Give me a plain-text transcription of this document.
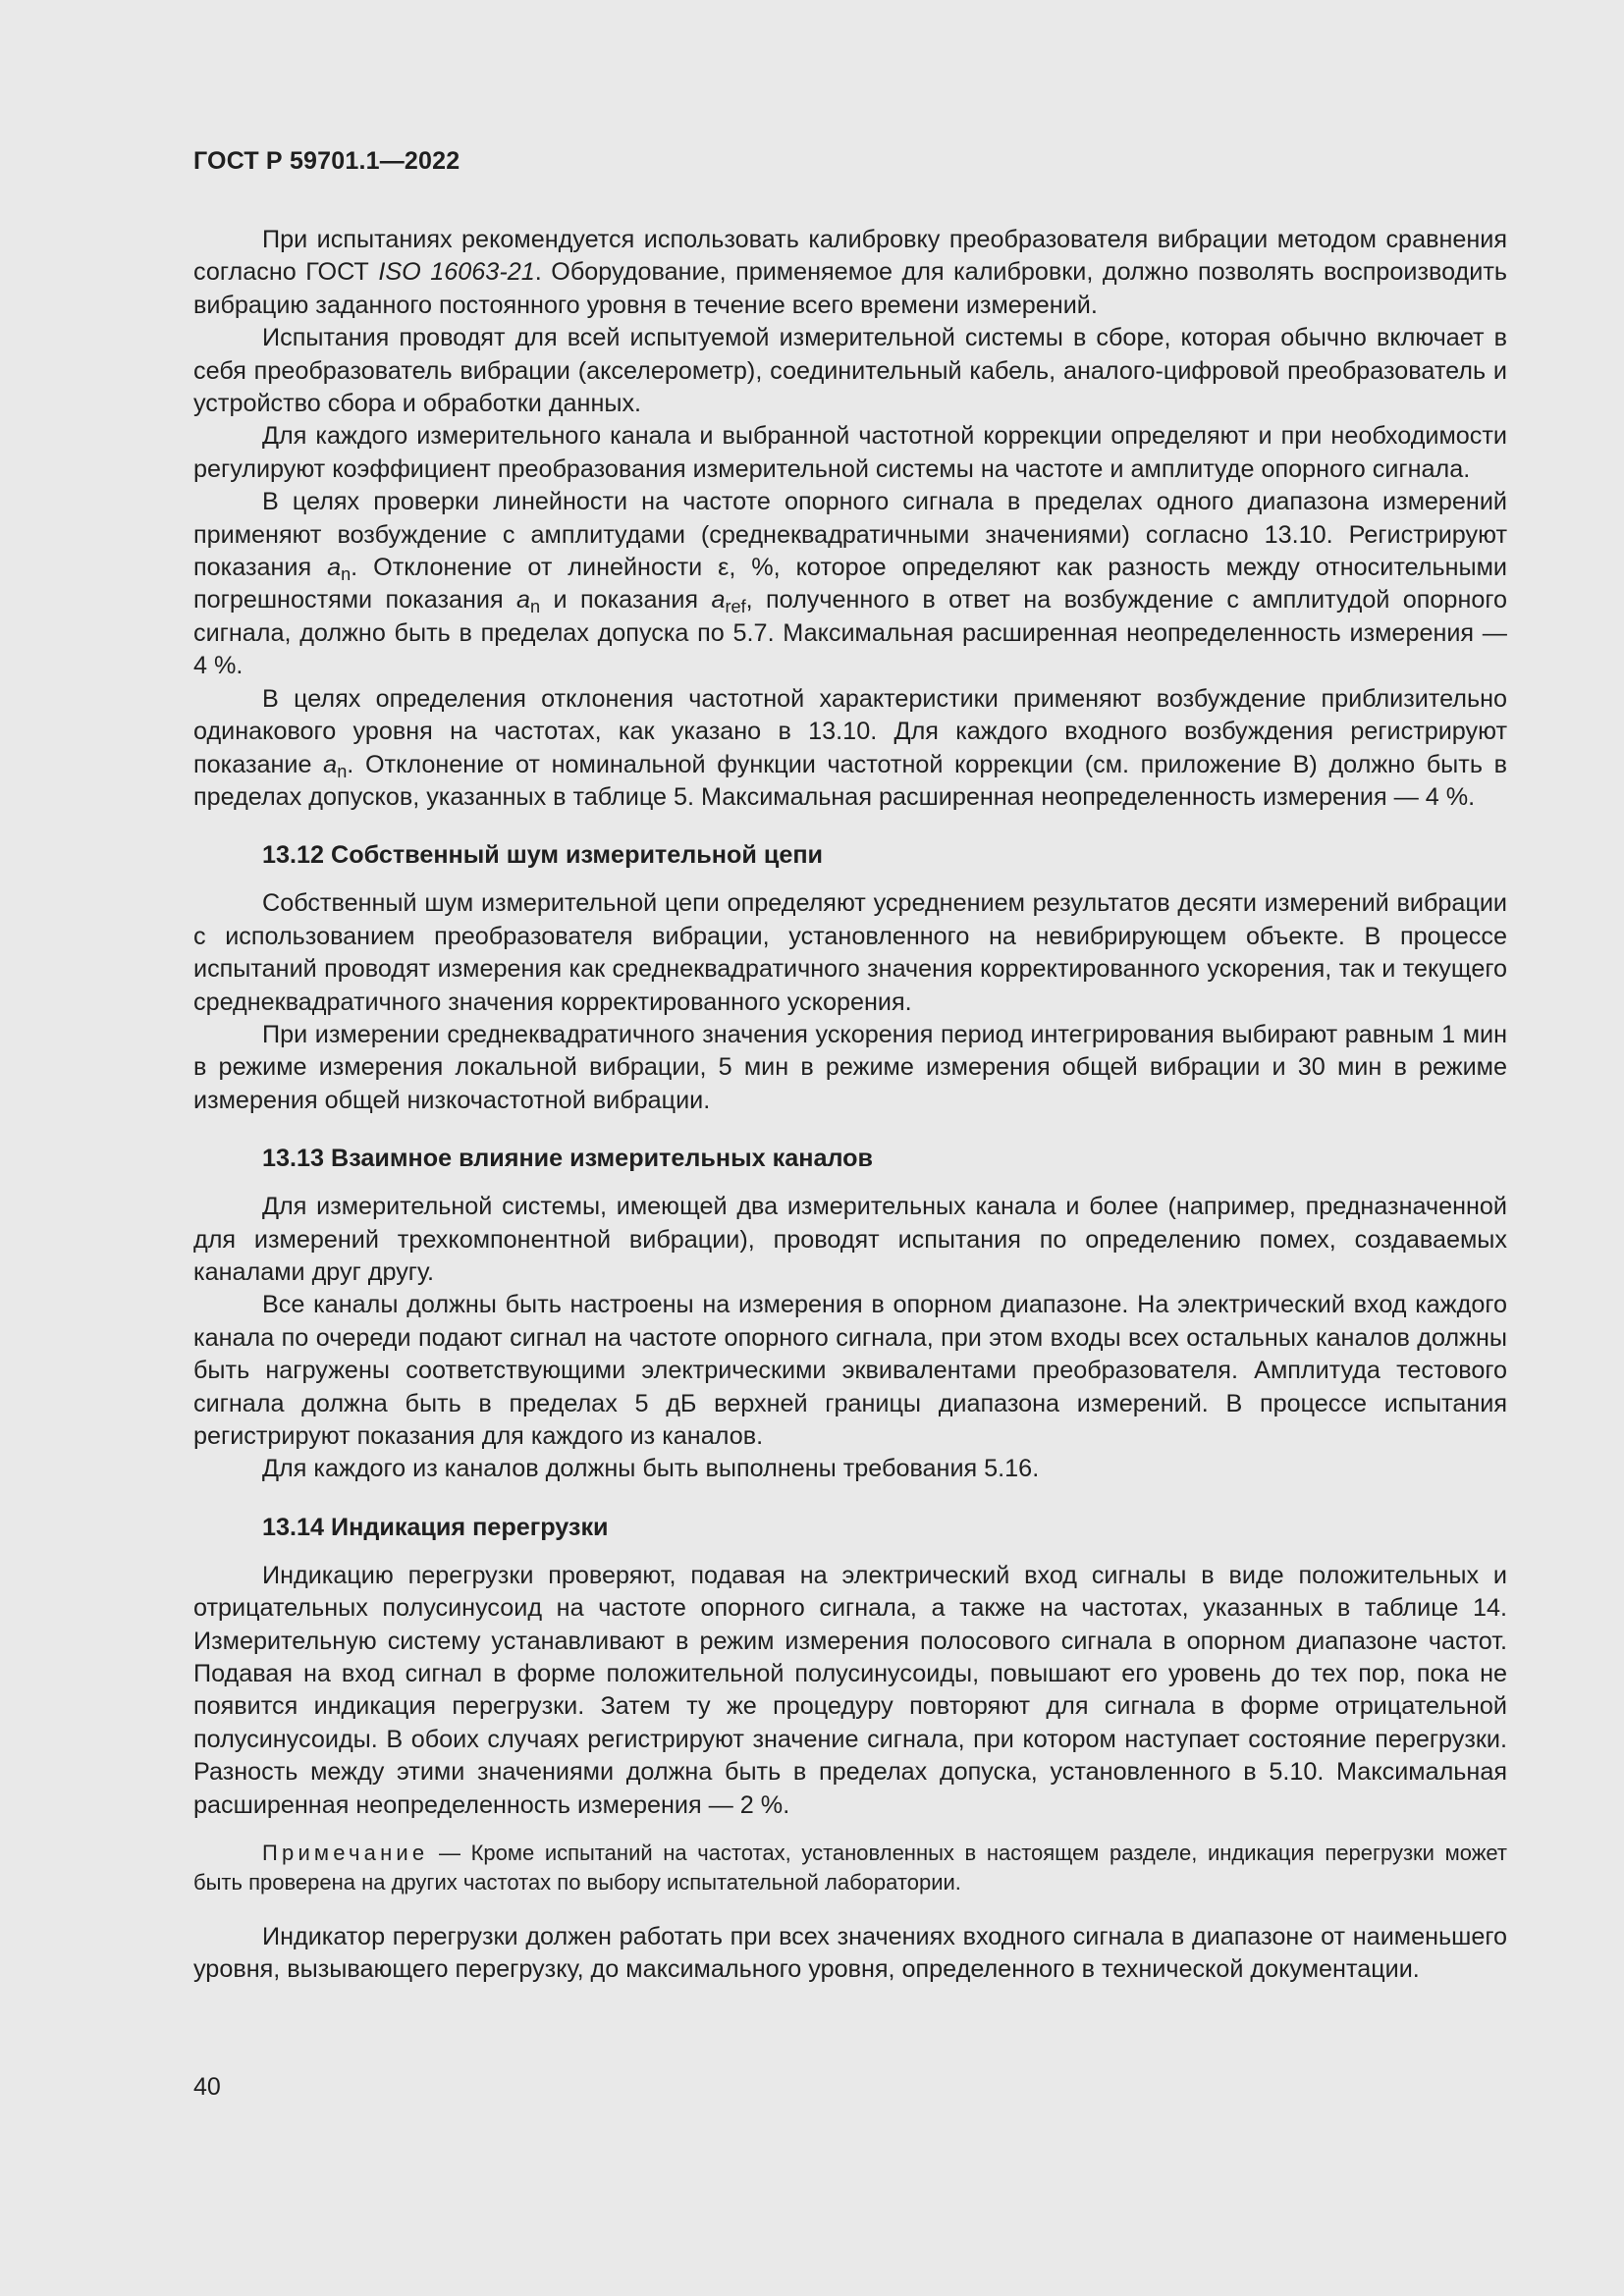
ГОСТ Р 59701.1—2022

При испытаниях рекомендуется использовать калибровку преобразователя вибрации методом сравнения согласно ГОСТ ISO 16063-21. Оборудование, применяемое для калибровки, должно позволять воспроизводить вибрацию заданного постоянного уровня в течение всего времени измерений.

Испытания проводят для всей испытуемой измерительной системы в сборе, которая обычно включает в себя преобразователь вибрации (акселерометр), соединительный кабель, аналого-цифровой преобразователь и устройство сбора и обработки данных.

Для каждого измерительного канала и выбранной частотной коррекции определяют и при необходимости регулируют коэффициент преобразования измерительной системы на частоте и амплитуде опорного сигнала.

В целях проверки линейности на частоте опорного сигнала в пределах одного диапазона измерений применяют возбуждение с амплитудами (среднеквадратичными значениями) согласно 13.10. Регистрируют показания $a_n$. Отклонение от линейности ε, %, которое определяют как разность между относительными погрешностями показания $a_n$ и показания $a_{ref}$, полученного в ответ на возбуждение с амплитудой опорного сигнала, должно быть в пределах допуска по 5.7. Максимальная расширенная неопределенность измерения — 4 %.

В целях определения отклонения частотной характеристики применяют возбуждение приблизительно одинакового уровня на частотах, как указано в 13.10. Для каждого входного возбуждения регистрируют показание $a_n$. Отклонение от номинальной функции частотной коррекции (см. приложение В) должно быть в пределах допусков, указанных в таблице 5. Максимальная расширенная неопределенность измерения — 4 %.

13.12 Собственный шум измерительной цепи

Собственный шум измерительной цепи определяют усреднением результатов десяти измерений вибрации с использованием преобразователя вибрации, установленного на невибрирующем объекте. В процессе испытаний проводят измерения как среднеквадратичного значения корректированного ускорения, так и текущего среднеквадратичного значения корректированного ускорения.

При измерении среднеквадратичного значения ускорения период интегрирования выбирают равным 1 мин в режиме измерения локальной вибрации, 5 мин в режиме измерения общей вибрации и 30 мин в режиме измерения общей низкочастотной вибрации.

13.13 Взаимное влияние измерительных каналов

Для измерительной системы, имеющей два измерительных канала и более (например, предназначенной для измерений трехкомпонентной вибрации), проводят испытания по определению помех, создаваемых каналами друг другу.

Все каналы должны быть настроены на измерения в опорном диапазоне. На электрический вход каждого канала по очереди подают сигнал на частоте опорного сигнала, при этом входы всех остальных каналов должны быть нагружены соответствующими электрическими эквивалентами преобразователя. Амплитуда тестового сигнала должна быть в пределах 5 дБ верхней границы диапазона измерений. В процессе испытания регистрируют показания для каждого из каналов.

Для каждого из каналов должны быть выполнены требования 5.16.

13.14 Индикация перегрузки

Индикацию перегрузки проверяют, подавая на электрический вход сигналы в виде положительных и отрицательных полусинусоид на частоте опорного сигнала, а также на частотах, указанных в таблице 14. Измерительную систему устанавливают в режим измерения полосового сигнала в опорном диапазоне частот. Подавая на вход сигнал в форме положительной полусинусоиды, повышают его уровень до тех пор, пока не появится индикация перегрузки. Затем ту же процедуру повторяют для сигнала в форме отрицательной полусинусоиды. В обоих случаях регистрируют значение сигнала, при котором наступает состояние перегрузки. Разность между этими значениями должна быть в пределах допуска, установленного в 5.10. Максимальная расширенная неопределенность измерения — 2 %.

Примечание — Кроме испытаний на частотах, установленных в настоящем разделе, индикация перегрузки может быть проверена на других частотах по выбору испытательной лаборатории.

Индикатор перегрузки должен работать при всех значениях входного сигнала в диапазоне от наименьшего уровня, вызывающего перегрузку, до максимального уровня, определенного в технической документации.

40
